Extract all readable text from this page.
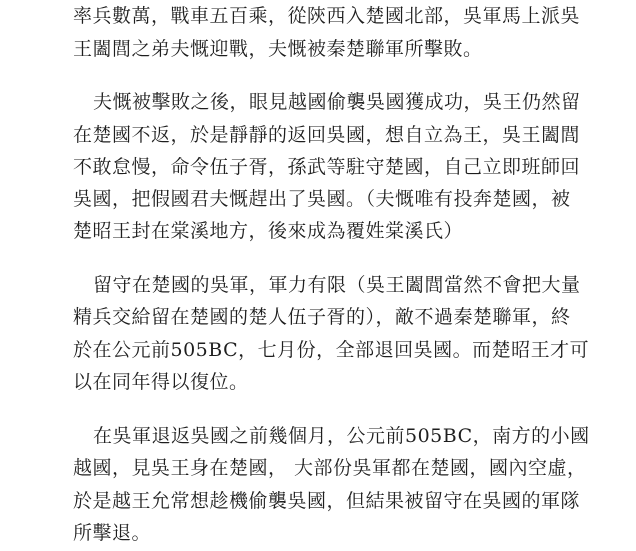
率兵數萬，戰車五百乘，從陝西入楚國北部，吳軍馬上派吳
王闔閭之弟夫慨迎戰，夫慨被秦楚聯軍所擊敗。
夫慨被擊敗之後，眼見越國偷襲吳國獲成功，吳王仍然留
在楚國不返，於是靜靜的返回吳國，想自立為王，吳王闔閭
不敢怠慢，命令伍子胥，孫武等駐守楚國，自己立即班師回
吳國，把假國君夫慨趕出了吳國。（夫慨唯有投奔楚國，被
楚昭王封在棠溪地方，後來成為覆姓棠溪氏）
留守在楚國的吳軍，軍力有限（吳王闔閭當然不會把大量
精兵交給留在楚國的楚人伍子胥的），敵不過秦楚聯軍，終
於在公元前505BC，七月份，全部退回吳國。而楚昭王才可
以在同年得以復位。
在吳軍退返吳國之前幾個月，公元前505BC，南方的小國
越國，見吳王身在楚國， 大部份吳軍都在楚國，國內空虛，
於是越王允常想趁機偷襲吳國，但結果被留守在吳國的軍隊
所擊退。
